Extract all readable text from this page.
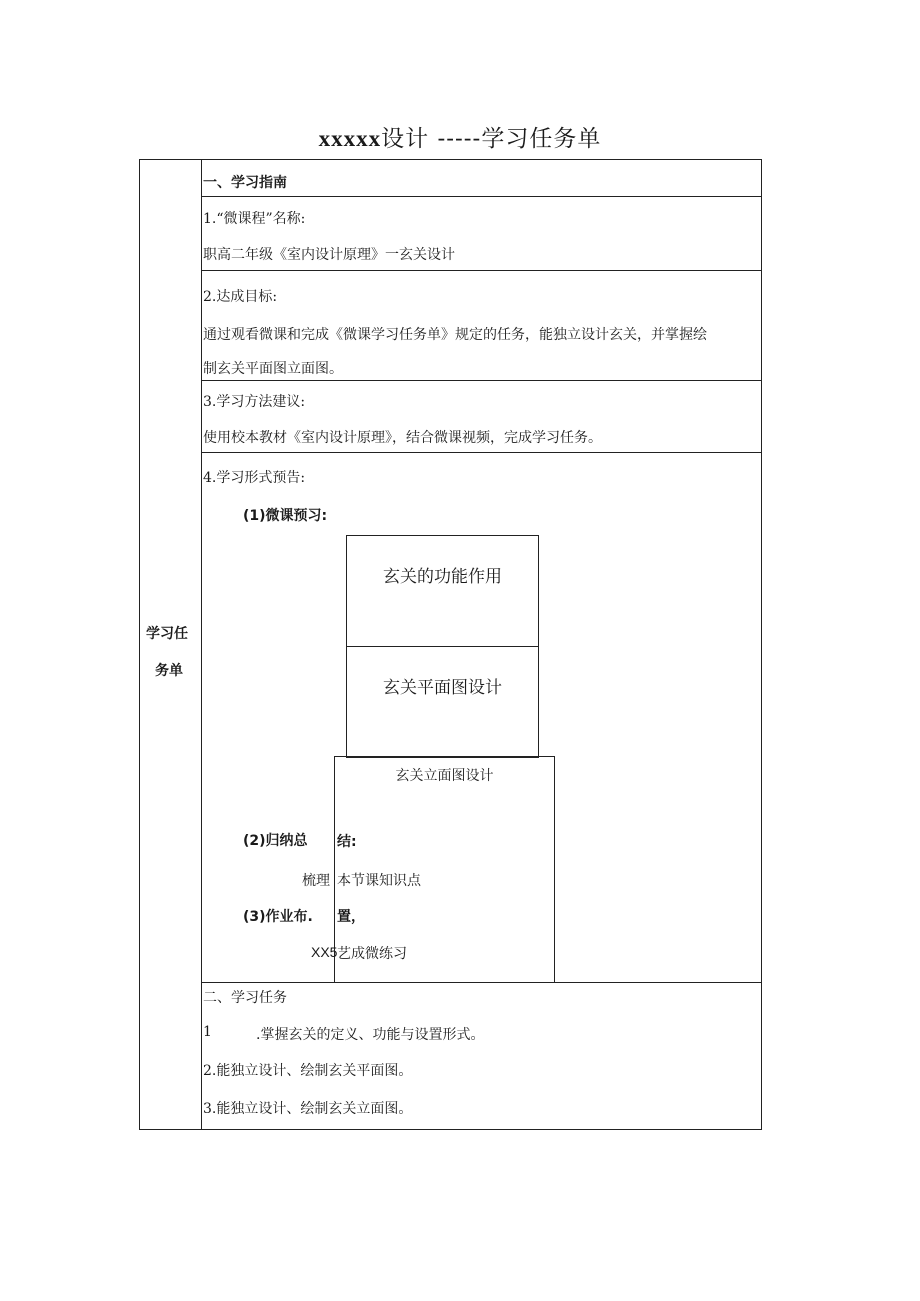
xxxxx设计 -----学习任务单
学习任
务单
一、学习指南
1.“微课程”名称:
职高二年级《室内设计原理》一玄关设计
2.达成目标:
通过观看微课和完成《微课学习任务单》规定的任务，能独立设计玄关，并掌握绘
制玄关平面图立面图。
3.学习方法建议:
使用校本教材《室内设计原理》，结合微课视频，完成学习任务。
4.学习形式预告:
(1)微课预习:
玄关的功能作用
玄关平面图设计
玄关立面图设计
(2)归纳总 结:
梳理 本节课知识点
(3)作业布. 置，
XX5 艺成微练习
二、学习任务
1	.掌握玄关的定义、功能与设置形式。
2.能独立设计、绘制玄关平面图。
3.能独立设计、绘制玄关立面图。
